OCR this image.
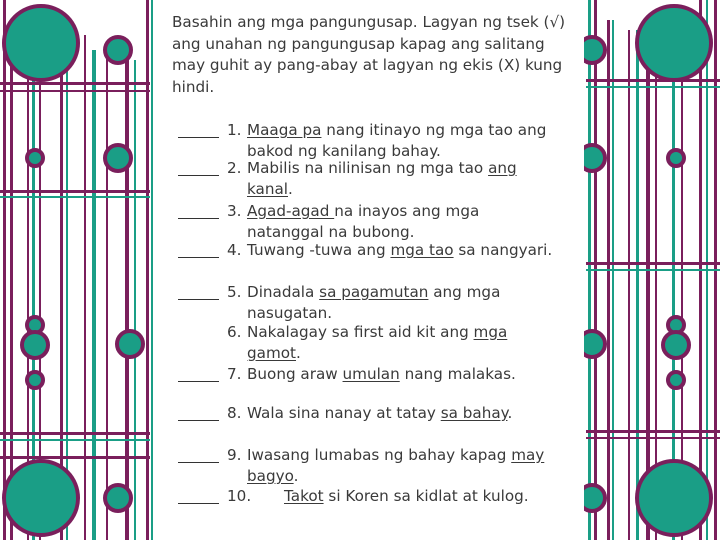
Basahin ang mga pangungusap. Lagyan ng tsek (√) ang unahan ng pangungusap kapag ang salitang may guhit ay pang-abay at lagyan ng ekis (X) kung hindi.
1. Maaga pa nang itinayo ng mga tao ang
bakod ng kanilang bahay.
2. Mabilis na nilinisan ng mga tao ang
kanal.
3. Agad-agad na inayos ang mga
natanggal na bubong.
4. Tuwang -tuwa ang mga tao sa nangyari.
5. Dinadala sa pagamutan ang mga
nasugatan.
6. Nakalagay sa first aid kit ang mga
gamot.
7. Buong araw umulan nang malakas.
8. Wala sina nanay at tatay sa bahay.
9. Iwasang lumabas ng bahay kapag may
bagyo.
10. Takot si Koren sa kidlat at kulog.
